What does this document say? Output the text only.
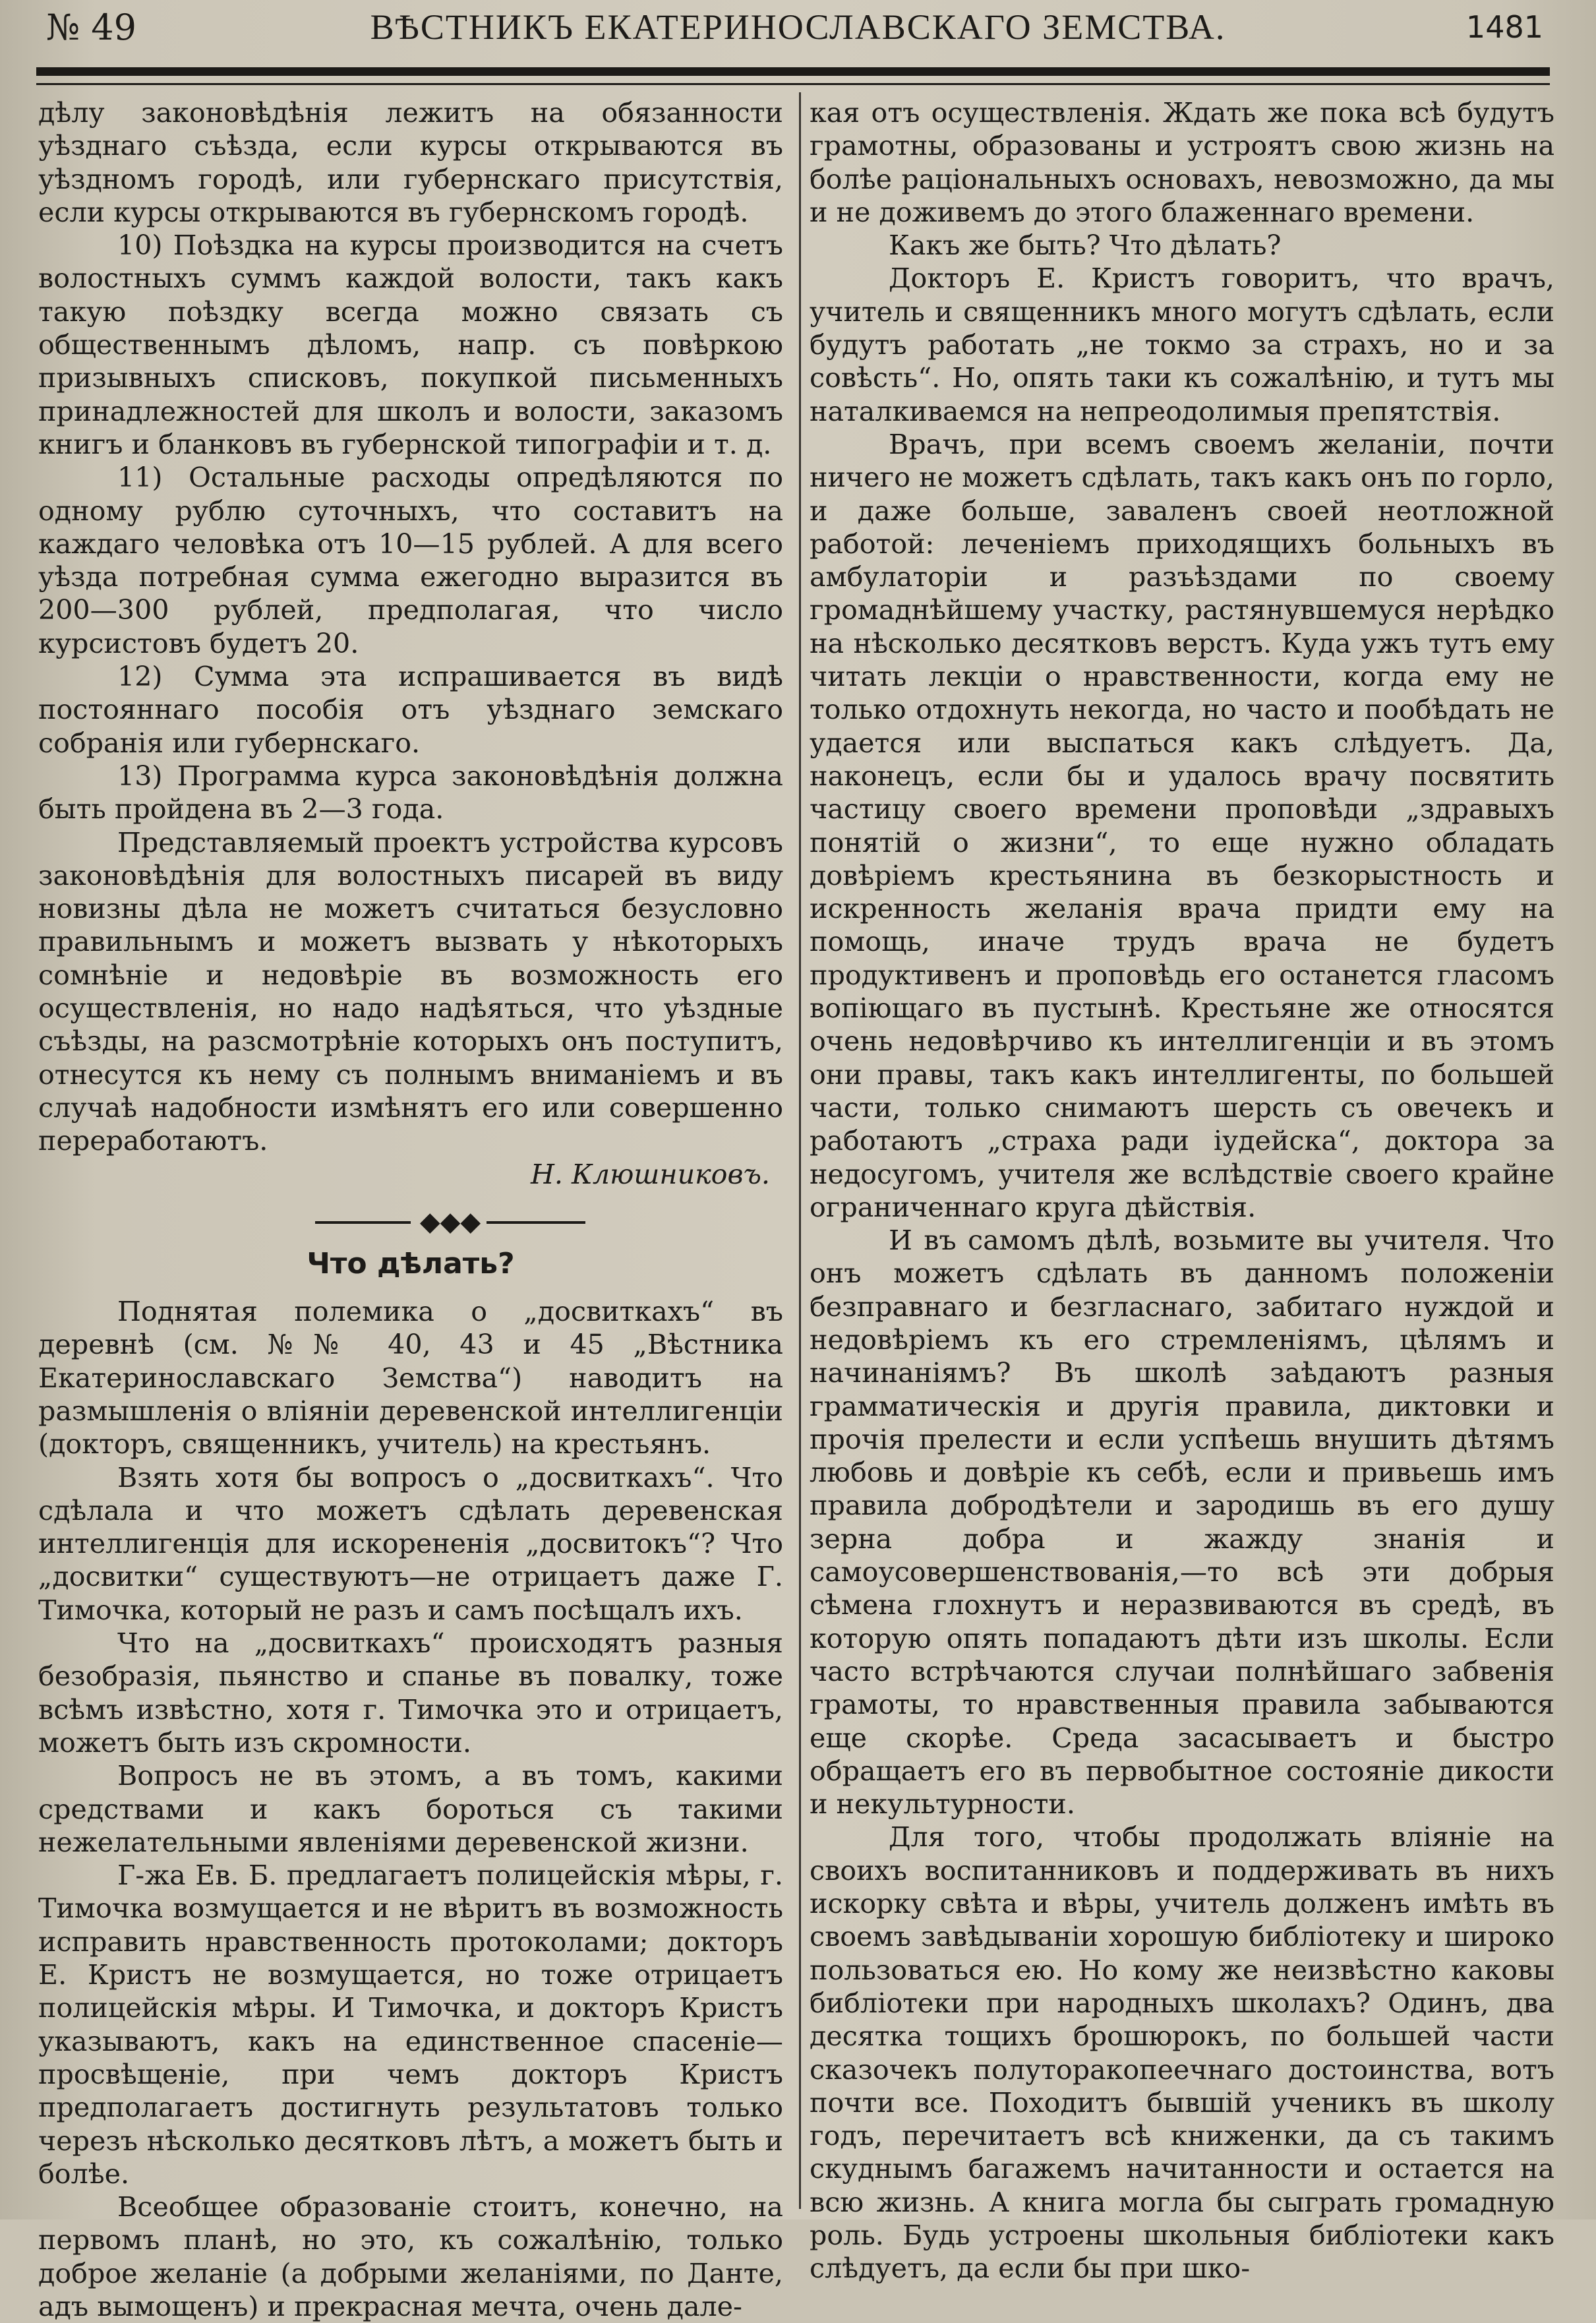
№ 49	ВѢСТНИКЪ ЕКАТЕРИНОСЛАВСКАГО ЗЕМСТВА.	1481

дѣлу законовѣдѣнія лежитъ на обязанности уѣзднаго съѣзда, если курсы открываются въ уѣздномъ городѣ, или губернскаго присутствія, если курсы открываются въ губернскомъ городѣ.

10) Поѣздка на курсы производится на счетъ волостныхъ суммъ каждой волости, такъ какъ такую поѣздку всегда можно связать съ общественнымъ дѣломъ, напр. съ повѣркою призывныхъ списковъ, покупкой письменныхъ принадлежностей для школъ и волости, заказомъ книгъ и бланковъ въ губернской типографіи и т. д.

11) Остальные расходы опредѣляются по одному рублю суточныхъ, что составитъ на каждаго человѣка отъ 10—15 рублей. А для всего уѣзда потребная сумма ежегодно выразится въ 200—300 рублей, предполагая, что число курсистовъ будетъ 20.

12) Сумма эта испрашивается въ видѣ постояннаго пособія отъ уѣзднаго земскаго собранія или губернскаго.

13) Программа курса законовѣдѣнія должна быть пройдена въ 2—3 года.

Представляемый проектъ устройства курсовъ законовѣдѣнія для волостныхъ писарей въ виду новизны дѣла не можетъ считаться безусловно правильнымъ и можетъ вызвать у нѣкоторыхъ сомнѣніе и недовѣріе въ возможность его осуществленія, но надо надѣяться, что уѣздные съѣзды, на разсмотрѣніе которыхъ онъ поступитъ, отнесутся къ нему съ полнымъ вниманіемъ и въ случаѣ надобности измѣнятъ его или совершенно переработаютъ.

Н. Клюшниковъ.
◆◆◆
Что дѣлать?

Поднятая полемика о „досвиткахъ“ въ деревнѣ (см. №№ 40, 43 и 45 „Вѣстника Екатеринославскаго Земства“) наводитъ на размышленія о вліяніи деревенской интеллигенціи (докторъ, священникъ, учитель) на крестьянъ.

Взять хотя бы вопросъ о „досвиткахъ“. Что сдѣлала и что можетъ сдѣлать деревенская интеллигенція для искорененія „досвитокъ“? Что „досвитки“ существуютъ—не отрицаетъ даже Г. Тимочка, который не разъ и самъ посѣщалъ ихъ.

Что на „досвиткахъ“ происходятъ разныя безобразія, пьянство и спанье въ повалку, тоже всѣмъ извѣстно, хотя г. Тимочка это и отрицаетъ, можетъ быть изъ скромности.

Вопросъ не въ этомъ, а въ томъ, какими средствами и какъ бороться съ такими нежелательными явленіями деревенской жизни.

Г-жа Ев. Б. предлагаетъ полицейскія мѣры, г. Тимочка возмущается и не вѣритъ въ возможность исправить нравственность протоколами; докторъ Е. Кристъ не возмущается, но тоже отрицаетъ полицейскія мѣры. И Тимочка, и докторъ Кристъ указываютъ, какъ на единственное спасеніе—просвѣщеніе, при чемъ докторъ Кристъ предполагаетъ достигнуть результатовъ только черезъ нѣсколько десятковъ лѣтъ, а можетъ быть и болѣе.

Всеобщее образованіе стоитъ, конечно, на первомъ планѣ, но это, къ сожалѣнію, только доброе желаніе (а добрыми желаніями, по Данте, адъ вымощенъ) и прекрасная мечта, очень дале-

кая отъ осуществленія. Ждать же пока всѣ будутъ грамотны, образованы и устроятъ свою жизнь на болѣе раціональныхъ основахъ, невозможно, да мы и не доживемъ до этого блаженнаго времени.

Какъ же быть? Что дѣлать?

Докторъ Е. Кристъ говоритъ, что врачъ, учитель и священникъ много могутъ сдѣлать, если будутъ работать „не токмо за страхъ, но и за совѣсть“. Но, опять таки къ сожалѣнію, и тутъ мы наталкиваемся на непреодолимыя препятствія.

Врачъ, при всемъ своемъ желаніи, почти ничего не можетъ сдѣлать, такъ какъ онъ по горло, и даже больше, заваленъ своей неотложной работой: леченіемъ приходящихъ больныхъ въ амбулаторіи и разъѣздами по своему громаднѣйшему участку, растянувшемуся нерѣдко на нѣсколько десятковъ верстъ. Куда ужъ тутъ ему читать лекціи о нравственности, когда ему не только отдохнуть некогда, но часто и пообѣдать не удается или выспаться какъ слѣдуетъ. Да, наконецъ, если бы и удалось врачу посвятить частицу своего времени проповѣди „здравыхъ понятій о жизни“, то еще нужно обладать довѣріемъ крестьянина въ безкорыстность и искренность желанія врача придти ему на помощь, иначе трудъ врача не будетъ продуктивенъ и проповѣдь его останется гласомъ вопіющаго въ пустынѣ. Крестьяне же относятся очень недовѣрчиво къ интеллигенціи и въ этомъ они правы, такъ какъ интеллигенты, по большей части, только снимаютъ шерсть съ овечекъ и работаютъ „страха ради іудейска“, доктора за недосугомъ, учителя же вслѣдствіе своего крайне ограниченнаго круга дѣйствія.

И въ самомъ дѣлѣ, возьмите вы учителя. Что онъ можетъ сдѣлать въ данномъ положеніи безправнаго и безгласнаго, забитаго нуждой и недовѣріемъ къ его стремленіямъ, цѣлямъ и начинаніямъ? Въ школѣ заѣдаютъ разныя грамматическія и другія правила, диктовки и прочія прелести и если успѣешь внушить дѣтямъ любовь и довѣріе къ себѣ, если и привьешь имъ правила добродѣтели и зародишь въ его душу зерна добра и жажду знанія и самоусовершенствованія,—то всѣ эти добрыя сѣмена глохнутъ и неразвиваются въ средѣ, въ которую опять попадаютъ дѣти изъ школы. Если часто встрѣчаются случаи полнѣйшаго забвенія грамоты, то нравственныя правила забываются еще скорѣе. Среда засасываетъ и быстро обращаетъ его въ первобытное состояніе дикости и некультурности.

Для того, чтобы продолжать вліяніе на своихъ воспитанниковъ и поддерживать въ нихъ искорку свѣта и вѣры, учитель долженъ имѣть въ своемъ завѣдываніи хорошую библіотеку и широко пользоваться ею. Но кому же неизвѣстно каковы библіотеки при народныхъ школахъ? Одинъ, два десятка тощихъ брошюрокъ, по большей части сказочекъ полуторакопеечнаго достоинства, вотъ почти все. Походитъ бывшій ученикъ въ школу годъ, перечитаетъ всѣ книженки, да съ такимъ скуднымъ багажемъ начитанности и остается на всю жизнь. А книга могла бы сыграть громадную роль. Будь устроены школьныя библіотеки какъ слѣдуетъ, да если бы при шко-
